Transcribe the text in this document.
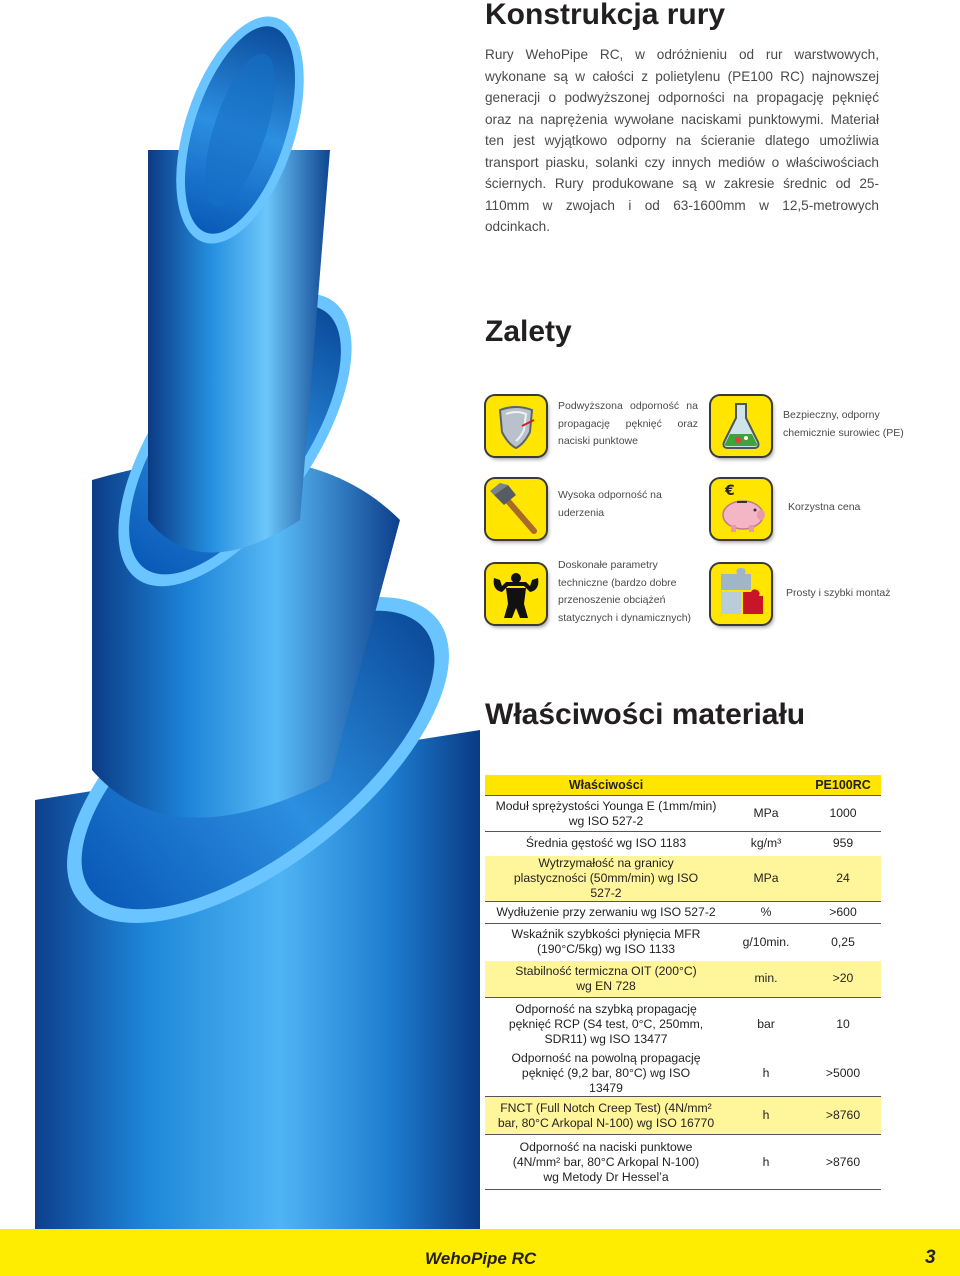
Konstrukcja rury

Rury WehoPipe RC, w odróżnieniu od rur warstwowych, wykonane są w całości z polietylenu (PE100 RC) najnowszej generacji o podwyższonej odporności na propagację pęknięć oraz na naprężenia wywołane naciskami punktowymi. Materiał ten jest wyjątkowo odporny na ścieranie dlatego umożliwia transport piasku, solanki czy innych mediów o właściwościach ściernych. Rury produkowane są w zakresie średnic od 25-110mm w zwojach i od 63-1600mm w 12,5-metrowych odcinkach.

Zalety
Podwyższona odporność na propagację pęknięć oraz naciski punktowe
Bezpieczny, odporny chemicznie surowiec (PE)
Wysoka odporność na uderzenia
€
Korzystna cena
Doskonałe parametry techniczne (bardzo dobre przenoszenie obciążeń statycznych i dynamicznych)
Prosty i szybki montaż
Właściwości materiału
Właściwości		PE100RC
Moduł sprężystości Younga E (1mm/min) wg ISO 527-2	MPa	1000
Średnia gęstość wg ISO 1183	kg/m³	959
Wytrzymałość na granicy plastyczności (50mm/min) wg ISO 527-2	MPa	24
Wydłużenie przy zerwaniu wg ISO 527-2	%	>600
Wskaźnik szybkości płynięcia MFR (190°C/5kg) wg ISO 1133	g/10min.	0,25
Stabilność termiczna OIT (200°C) wg EN 728	min.	>20
Odporność na szybką propagację pęknięć RCP (S4 test, 0°C, 250mm, SDR11) wg ISO 13477	bar	10
Odporność na powolną propagację pęknięć (9,2 bar, 80°C) wg ISO 13479	h	>5000
FNCT (Full Notch Creep Test) (4N/mm² bar, 80°C Arkopal N-100) wg ISO 16770	h	>8760
Odporność na naciski punktowe (4N/mm² bar, 80°C Arkopal N-100) wg Metody Dr Hessel’a	h	>8760
WehoPipe RC	3
